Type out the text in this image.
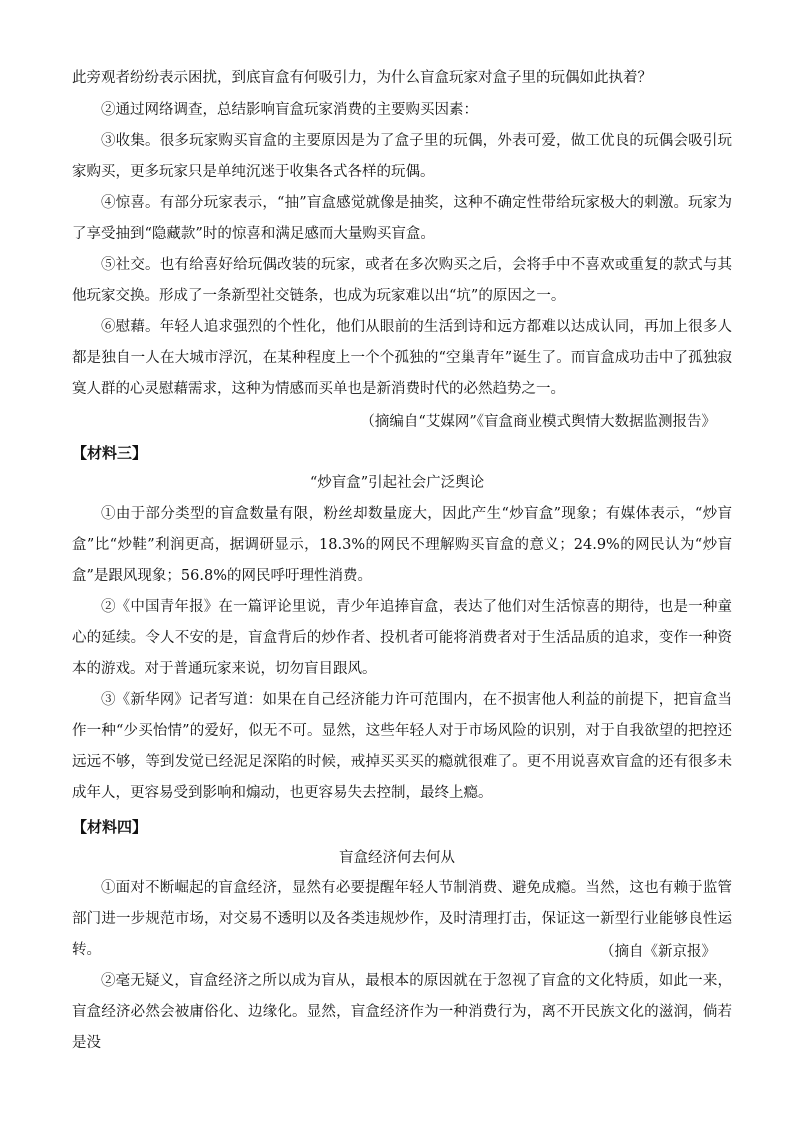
此旁观者纷纷表示困扰，到底盲盒有何吸引力，为什么盲盒玩家对盒子里的玩偶如此执着？

②通过网络调查，总结影响盲盒玩家消费的主要购买因素：

③收集。很多玩家购买盲盒的主要原因是为了盒子里的玩偶，外表可爱，做工优良的玩偶会吸引玩家购买，更多玩家只是单纯沉迷于收集各式各样的玩偶。

④惊喜。有部分玩家表示，“抽”盲盒感觉就像是抽奖，这种不确定性带给玩家极大的刺激。玩家为了享受抽到“隐藏款”时的惊喜和满足感而大量购买盲盒。

⑤社交。也有给喜好给玩偶改装的玩家，或者在多次购买之后，会将手中不喜欢或重复的款式与其他玩家交换。形成了一条新型社交链条，也成为玩家难以出“坑”的原因之一。

⑥慰藉。年轻人追求强烈的个性化，他们从眼前的生活到诗和远方都难以达成认同，再加上很多人都是独自一人在大城市浮沉，在某种程度上一个个孤独的“空巢青年”诞生了。而盲盒成功击中了孤独寂寞人群的心灵慰藉需求，这种为情感而买单也是新消费时代的必然趋势之一。

（摘编自“艾媒网”《盲盒商业模式舆情大数据监测报告》

【材料三】

“炒盲盒”引起社会广泛舆论

①由于部分类型的盲盒数量有限，粉丝却数量庞大，因此产生“炒盲盒”现象；有媒体表示，“炒盲盒”比“炒鞋”利润更高，据调研显示，18.3%的网民不理解购买盲盒的意义；24.9%的网民认为“炒盲盒”是跟风现象；56.8%的网民呼吁理性消费。

②《中国青年报》在一篇评论里说，青少年追捧盲盒，表达了他们对生活惊喜的期待，也是一种童心的延续。令人不安的是，盲盒背后的炒作者、投机者可能将消费者对于生活品质的追求，变作一种资本的游戏。对于普通玩家来说，切勿盲目跟风。

③《新华网》记者写道：如果在自己经济能力许可范围内，在不损害他人利益的前提下，把盲盒当作一种“少买怡情”的爱好，似无不可。显然，这些年轻人对于市场风险的识别，对于自我欲望的把控还远远不够，等到发觉已经泥足深陷的时候，戒掉买买买的瘾就很难了。更不用说喜欢盲盒的还有很多未成年人，更容易受到影响和煽动，也更容易失去控制，最终上瘾。

【材料四】

盲盒经济何去何从

①面对不断崛起的盲盒经济，显然有必要提醒年轻人节制消费、避免成瘾。当然，这也有赖于监管部门进一步规范市场，对交易不透明以及各类违规炒作，及时清理打击，保证这一新型行业能够良性运转。	（摘自《新京报》

②毫无疑义，盲盒经济之所以成为盲从，最根本的原因就在于忽视了盲盒的文化特质，如此一来，盲盒经济必然会被庸俗化、边缘化。显然，盲盒经济作为一种消费行为，离不开民族文化的滋润，倘若是没
